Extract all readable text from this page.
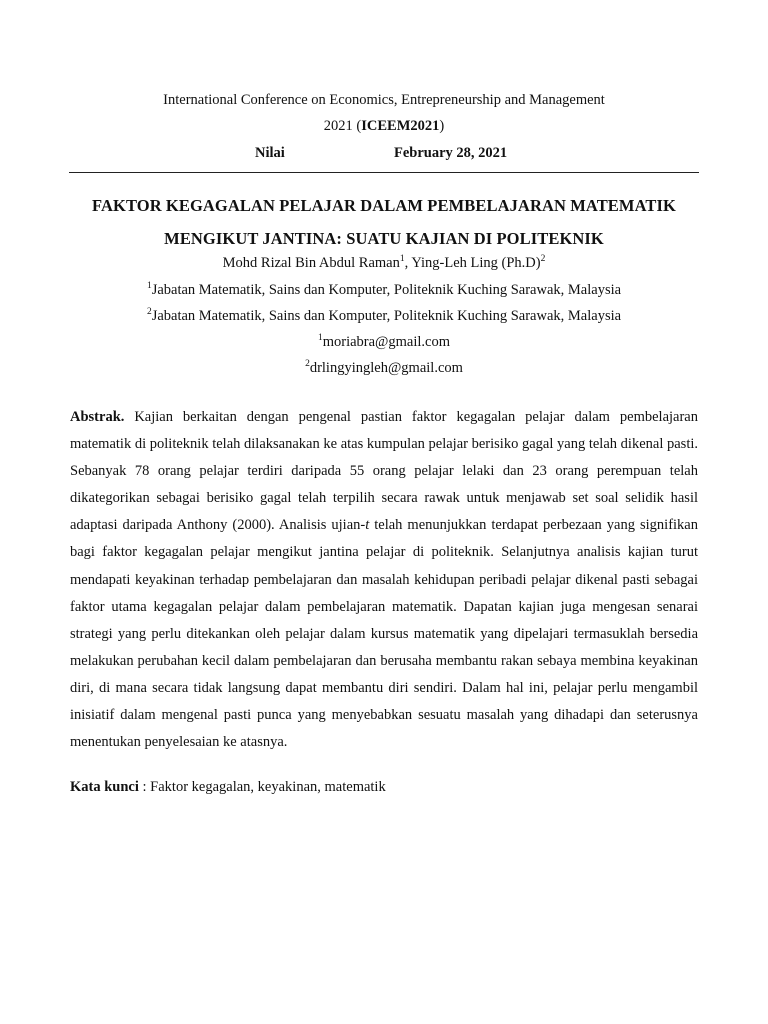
International Conference on Economics, Entrepreneurship and Management
2021 (ICEEM2021)
Nilai	February 28, 2021
FAKTOR KEGAGALAN PELAJAR DALAM PEMBELAJARAN MATEMATIK
MENGIKUT JANTINA: SUATU KAJIAN DI POLITEKNIK
Mohd Rizal Bin Abdul Raman$^1$, Ying-Leh Ling $(Ph.D)^2$
$^1$Jabatan Matematik, Sains dan Komputer, Politeknik Kuching Sarawak, Malaysia
$^2$Jabatan Matematik, Sains dan Komputer, Politeknik Kuching Sarawak, Malaysia
$^1$moriabra@gmail.com
$^2$drlingyingleh@gmail.com
Abstrak. Kajian berkaitan dengan pengenal pastian faktor kegagalan pelajar dalam pembelajaran matematik di politeknik telah dilaksanakan ke atas kumpulan pelajar berisiko gagal yang telah dikenal pasti. Sebanyak 78 orang pelajar terdiri daripada 55 orang pelajar lelaki dan 23 orang perempuan telah dikategorikan sebagai berisiko gagal telah terpilih secara rawak untuk menjawab set soal selidik hasil adaptasi daripada Anthony (2000). Analisis ujian-t telah menunjukkan terdapat perbezaan yang signifikan bagi faktor kegagalan pelajar mengikut jantina pelajar di politeknik. Selanjutnya analisis kajian turut mendapati keyakinan terhadap pembelajaran dan masalah kehidupan peribadi pelajar dikenal pasti sebagai faktor utama kegagalan pelajar dalam pembelajaran matematik. Dapatan kajian juga mengesan senarai strategi yang perlu ditekankan oleh pelajar dalam kursus matematik yang dipelajari termasuklah bersedia melakukan perubahan kecil dalam pembelajaran dan berusaha membantu rakan sebaya membina keyakinan diri, di mana secara tidak langsung dapat membantu diri sendiri. Dalam hal ini, pelajar perlu mengambil inisiatif dalam mengenal pasti punca yang menyebabkan sesuatu masalah yang dihadapi dan seterusnya menentukan penyelesaian ke atasnya.
Kata kunci : Faktor kegagalan, keyakinan, matematik
